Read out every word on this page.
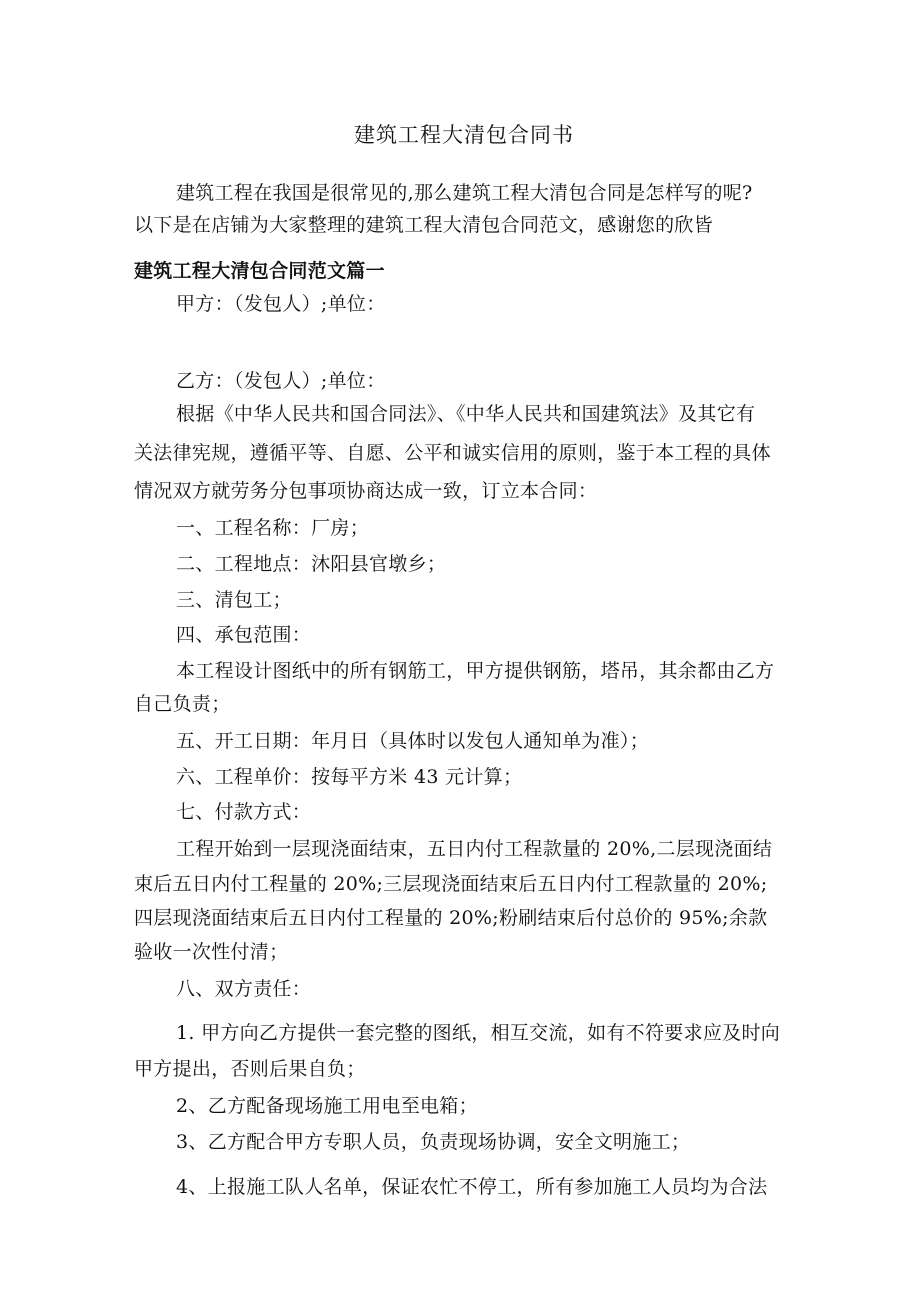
建筑工程大清包合同书
建筑工程在我国是很常见的,那么建筑工程大清包合同是怎样写的呢?
以下是在店铺为大家整理的建筑工程大清包合同范文，感谢您的欣皆
建筑工程大清包合同范文篇一
甲方：（发包人）;单位：
乙方：（发包人）;单位：
根据《中华人民共和国合同法》、《中华人民共和国建筑法》及其它有
关法律宪规，遵循平等、自愿、公平和诚实信用的原则，鉴于本工程的具体
情况双方就劳务分包事项协商达成一致，订立本合同：
一、工程名称：厂房；
二、工程地点：沐阳县官墩乡；
三、清包工；
四、承包范围：
本工程设计图纸中的所有钢筋工，甲方提供钢筋，塔吊，其余都由乙方
自己负责；
五、开工日期：年月日（具体时以发包人通知单为准）；
六、工程单价：按每平方米 43 元计算；
七、付款方式：
工程开始到一层现浇面结束，五日内付工程款量的 20%,二层现浇面结
束后五日内付工程量的 20%;三层现浇面结束后五日内付工程款量的 20%;
四层现浇面结束后五日内付工程量的 20%;粉刷结束后付总价的 95%;余款
验收一次性付清；
八、双方责任：
1. 甲方向乙方提供一套完整的图纸，相互交流，如有不符要求应及时向
甲方提出，否则后果自负；
2、乙方配备现场施工用电至电箱；
3、乙方配合甲方专职人员，负责现场协调，安全文明施工；
4、上报施工队人名单，保证农忙不停工，所有参加施工人员均为合法
